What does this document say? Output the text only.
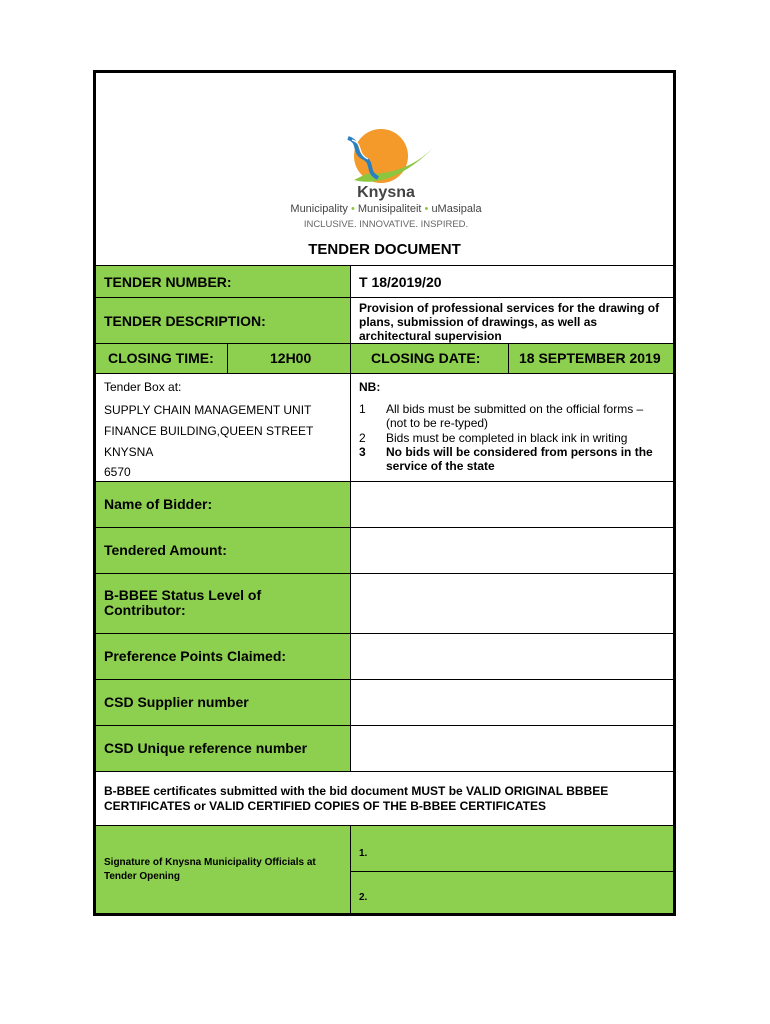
Knysna
Municipality • Munisipaliteit • uMasipala
INCLUSIVE. INNOVATIVE. INSPIRED.
TENDER DOCUMENT
TENDER NUMBER:	T 18/2019/20
TENDER DESCRIPTION:
Provision of professional services for the drawing of plans, submission of drawings, as well as architectural supervision
CLOSING TIME:	12H00	CLOSING DATE:	18 SEPTEMBER 2019
Tender Box at:
SUPPLY CHAIN MANAGEMENT UNIT
FINANCE BUILDING,QUEEN STREET
KNYSNA
6570
NB:
1	All bids must be submitted on the official forms – (not to be re-typed)
2	Bids must be completed in black ink in writing
3	No bids will be considered from persons in the service of the state
Name of Bidder:
Tendered Amount:
B-BBEE Status Level of Contributor:
Preference Points Claimed:
CSD Supplier number
CSD Unique reference number
B-BBEE certificates submitted with the bid document MUST be VALID ORIGINAL BBBEE CERTIFICATES or VALID CERTIFIED COPIES OF THE B-BBEE CERTIFICATES
Signature of Knysna Municipality Officials at Tender Opening
1.
2.
